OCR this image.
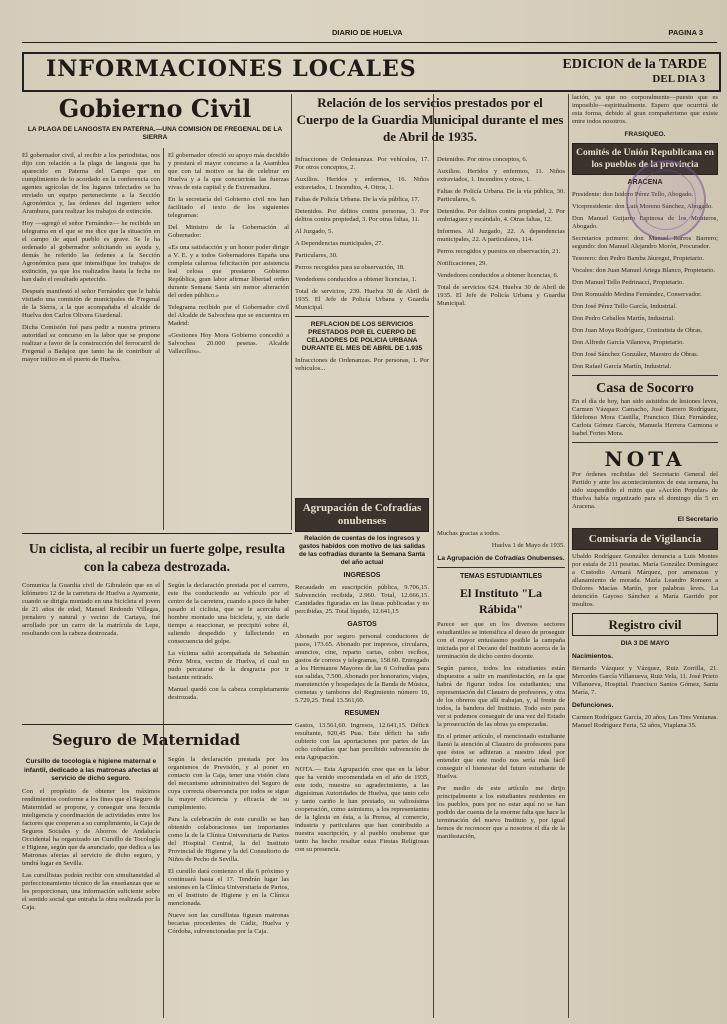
DIARIO DE HUELVA	PAGINA 3
INFORMACIONES LOCALES	EDICION de la TARDE
DEL DIA 3
Gobierno Civil
LA PLAGA DE LANGOSTA EN PATERNA.—UNA COMISION DE FREGENAL DE LA SIERRA

El gobernador civil, al recibir a los periodistas, nos dijo con relación a la plaga de langosta que ha aparecido en Paterna del Campo que en cumplimiento de lo acordado en la conferencia con agentes agrícolas de los lugares infectados se ha enviado un equipo perteneciente a la Sección Agronómica y, las órdenes del ingeniero señor Arambura, para realizar los trabajos de extinción.

Hoy —agregó el señor Fernández— he recibido un telegrama en el que se me dice que la situación en el campo de aquel pueblo es grave. Se le ha ordenado al gobernador solicitando su ayuda y, demás he referido las órdenes a la Sección Agronómica para que intensifique los trabajos de extinción, ya que los realizados hasta la fecha no han dado el resultado apetecido.

Después manifestó el señor Fernández que le había visitado una comisión de municipales de Fregenal de la Sierra, a la que acompañaba el alcalde de Huelva don Carlos Olivera Giardenal.

Dicha Comisión fué para pedir a nuestra primera autoridad su concurso en la labor que se propone realizar a favor de la construcción del ferrocarril de Fregenal a Badajoz que tanto ha de contribuir al mayor tráfico en el puerto de Huelva.

El gobernador ofreció su apoyo más decidido y prestará el mayor concurso a la Asamblea que con tal motivo se ha de celebrar en Huelva y a la que concurrirán las fuerzas vivas de esta capital y de Extremadura.

En la secretaría del Gobierno civil nos han facilitado el texto de los siguientes telegramas:

Del Ministro de la Gobernación al Gobernador:

«Es una satisfacción y un honor poder dirigir a V. E. y a todos Gobernadores España una completa calurosa felicitación por asistencia leal celosa que prestaron Gobierno República, gran labor afirmar libertad orden durante Semana Santa sin menor alteración del orden público.»

Telegrama recibido por el Gobernador civil del Alcalde de Salvochea que se encuentra en Madrid:

«Gestiones Hoy Mora Gobierno concedió a Salvochea 20.000 pesetas. Alcalde Vallecillos».

Relación de los servicios prestados por el Cuerpo de la Guardia Municipal durante el mes de Abril de 1935.

Infracciones de Ordenanzas. Por vehículos, 17. Por otros conceptos, 2.

Auxilios. Heridos y enfermos, 16. Niños extraviados, 1. Incendios, 4. Otros, 1.

Faltas de Policía Urbana. De la vía pública, 17.

Detenidos. Por delitos contra personas, 3. Por delitos contra propiedad, 3. Por otras faltas, 11.

Al Juzgado, 5.

A Dependencias municipales, 27.

Particulares, 30.

Perros recogidos para su observación, 18.

Vendedores conducidos a obtener licencias, 1.

Total de servicios, 239. Huelva 30 de Abril de 1935. El Jefe de Policía Urbana y Guardia Municipal.

REFLACION DE LOS SERVICIOS PRESTADOS POR EL CUERPO DE CELADORES DE POLICIA URBANA DURANTE EL MES DE ABRIL DE 1.935

Infracciones de Ordenanzas. Por personas, 1. Por vehículos...

Detenidos. Por otros conceptos, 6.

Auxilios. Heridos y enfermos, 11. Niños extraviados, 1. Incendios y otros, 1.

Faltas de Policía Urbana. De la vía pública, 30. Particulares, 6.

Detenidos. Por delitos contra propiedad, 2. Por embriaguez y escándalo, 4. Otras faltas, 12.

Informes. Al Juzgado, 22. A dependencias municipales, 22. A particulares, 114.

Perros recogidos y puestos en observación, 21.

Notificaciones, 29.

Vendedores conducidos a obtener licencias, 6.

Total de servicios 624. Huelva 30 de Abril de 1935. El Jefe de Policía Urbana y Guardia Municipal.

Un ciclista, al recibir un fuerte golpe, resulta con la cabeza destrozada.

Comunica la Guardia civil de Gibraleón que en el kilómetro 12 de la carretera de Huelva a Ayamonte, cuando se dirigía montado en una bicicleta el joven de 21 años de edad, Manuel Redondo Villegas, jornalero y natural y vecino de Cartaya, fué arrollado por un carro de la matrícula de Lepe, resultando con la cabeza destrozada.

Según la declaración prestada por el carrero, este iba conduciendo su vehículo por el centro de la carretera, cuando a poco de haber pasado el ciclista, que se le acercaba al hombre montado una bicicleta, y, sin darle tiempo a reaccionar, se precipitó sobre él, saliendo despedido y falleciendo en consecuencia del golpe.

La víctima salió acompañada de Sebastián Pérez Mora, vecino de Huelva, el cual no pudo percatarse de la desgracia por ir bastante retirado.

Manuel quedó con la cabeza completamente destrozada.

Seguro de Maternidad
Cursillo de tocología e higiene maternal e infantil, dedicado a las matronas afectas al servicio de dicho seguro.

Con el propósito de obtener los máximos rendimientos conforme a los fines que el Seguro de Maternidad se propone, y conseguir una fecunda inteligencia y coordinación de actividades entre los factores que cooperan a su cumplimiento, la Caja de Seguros Sociales y de Ahorros de Andalucía Occidental ha organizado un Cursillo de Tocología e Higiene, según que da anunciado, que dedica a las Matronas afectas al servicio de dicho seguro, y tendrá lugar en Sevilla.

Las cursillistas podrán recibir con simultaneidad al perfeccionamiento técnico de las enseñanzas que se les proporcionan, una información suficiente sobre el sentido social que entraña la obra realizada por la Caja.

Según la declaración prestada por los organismos de Previsión, y al poner en contacto con la Caja, tener una visión clara del mecanismo administrativo del Seguro de cuya correcta observancia por todos se sigue la mayor eficiencia y eficacia de su cumplimiento.

Para la celebración de este cursillo se han obtenido colaboraciones tan importantes como la de la Clínica Universitaria de Partos del Hospital Central, la del Instituto Provincial de Higiene y la del Consultorio de Niños de Pecho de Sevilla.

El cursillo dará comienzo el día 6 próximo y continuará hasta el 17. Tendrán lugar las sesiones en la Clínica Universitaria de Partos, en el Instituto de Higiene y en la Clínica mencionada.

Nueve son las cursillistas figuran matronas becarias procedentes de Cádiz, Huelva y Córdoba, subvencionadas por la Caja.

Agrupación de Cofradías onubenses
Relación de cuentas de los ingresos y gastos habidos con motivo de las salidas de las cofradías durante la Semana Santa del año actual
INGRESOS

Recaudado en suscripción pública, 9.706,15. Subvención recibida, 2.960. Total, 12.666,15. Cantidades figuradas en las listas publicadas y no percibidas, 25. Total líquido, 12.641,15

GASTOS

Abonado por seguro personal conductores de pasos, 173.65. Abonado por impresos, circulares, anuncios, cine, reparto cartas, cobro recibos, gastos de correos y telegramas, 158.60. Entregado a los Hermanos Mayores de las 6 Cofradías para sus salidas, 7.500. Abonado por honorarios, viajes, manutención y hospedajes de la Banda de Música, cornetas y tambores del Regimiento número 16, 5.729,25. Total 13.561,60.

RESUMEN

Gastos, 13.561,60. Ingresos, 12.641,15. Déficit resultante, 920,45 Ptas. Este déficit ha sido cubierto con las aportaciones por partes de las ocho cofradías que han percibido subvención de esta Agrupación.

NOTA.— Esta Agrupación cree que en la labor que ha venido encomendada en el año de 1935, este todo, muestra su agradecimiento, a las dignísimas Autoridades de Huelva, que tanto celo y tanto cariño le han prestado, su valiosísima cooperación, como asimismo, a los representantes de la Iglesia en ésta, a la Prensa, al comercio, industria y particulares que han contribuido a nuestra suscripción, y al pueblo onubense que tanto ha hecho resaltar estas Fiestas Religiosas con su presencia.

Muchas gracias a todos.

Huelva 1 de Mayo de 1935.

La Agrupación de Cofradías Onubenses.
TEMAS ESTUDIANTILES
El Instituto "La Rábida"

Parece ser que en los diversos sectores estudiantiles se intensifica el deseo de proseguir con el mayor entusiasmo posible la campaña iniciada por el Decano del Instituto acerca de la terminación de dicho centro docente.

Según parece, todos los estudiantes están dispuestos a salir en manifestación, en la que habrá de figurar todos los estudiantes; una representación del Claustro de profesores, y otra de los obreros que allí trabajan, y, al frente de todos, la bandera del Instituto. Todo esto para ver si podemos conseguir de una vez del Estado la prosecución de las obras ya empezadas.

En el primer artículo, el mencionado estudiante llamó la atención al Claustro de profesores para que éstos se adhieran a nuestro ideal por entender que este modo nos sería más fácil conseguir el bienestar del futuro estudiante de Huelva.

Por medio de este artículo me dirijo principalmente a los estudiantes residentes en los pueblos, pues por no estar aquí no se han podido dar cuenta de la enorme falta que hace la terminación del nuevo Instituto y, por igual hemos de reconocer que a nosotros el día de la manifestación,

lación, ya que no corporalmente—puesto que es imposible—espiritualmente. Espero que ocurrirá de esta forma, debido al gran compañerismo que existe entre todos nosotros.

FRASIQUEO.
Comités de Unión Republicana en los pueblos de la provincia
ARACENA

Presidente: don Isidoro Pérez Tello, Abogado.

Vicepresidente: don Luis Moreno Sánchez, Abogado.

Don Manuel Guijarro Espinosa de los Monteros, Abogado.

Secretarios primero: don Manuel Barros Barrero; segundo: don Manuel Alejandro Morón, Procurador.

Tesorero: don Pedro Bamba Jáuregui, Propietario.

Vocales: don Juan Manuel Artega Blanco, Propietario.

Don Manuel Tello Pedrinaccí, Propietario.

Don Romualdo Medina Fernández, Conservador.

Don José Pérez Tello García, Industrial.

Don Pedro Ceballos Martín, Industrial.

Don Juan Moya Rodríguez, Contratista de Obras.

Don Alfredo García Vilanova, Propietario.

Don José Sánchez González, Maestro de Obras.

Don Rafael García Martín, Industrial.

Casa de Socorro

En el día de hoy, han sido asistidos de lesiones leves, Carmen Vázquez Camacho, José Barrero Rodríguez, Ildefonso Mora Castilla, Francisco Díaz Fernández, Carlota Gómez Garcés, Manuela Herrera Carmona e Isabel Fortes Mora.

NOTA

Por órdenes recibidas del Secretario General del Partido y ante los acontecimientos de esta semana, ha sido suspendido el mitin que «Acción Popular» de Huelva había organizado para el domingo día 5 en Aracena.

El Secretario
Comisaría de Vigilancia

Ubaldo Rodríguez González denuncia a Luis Montes por estafa de 211 pesetas. María González Domínguez a Custodio Armará Márquez, por amenazas y allanamiento de morada. María Leandro Romero a Dolores Macías Martín, por palabras leves. La detención Gayoso Sánchez a María Garrido por insultos.

Registro civil
DIA 3 DE MAYO
Nacimientos.

Bernardo Vázquez y Vázquez, Ruiz Zorrilla, 21. Mercedes García Villanueva, Ruiz Vela, 11. José Prieto Villanueva, Hospital. Francisco Santos Gómez, Santa María, 7.

Defunciones.

Carmen Rodríguez García, 20 años, Las Tres Ventanas. Manuel Rodríguez Feria, 52 años, Viaplana 35.
